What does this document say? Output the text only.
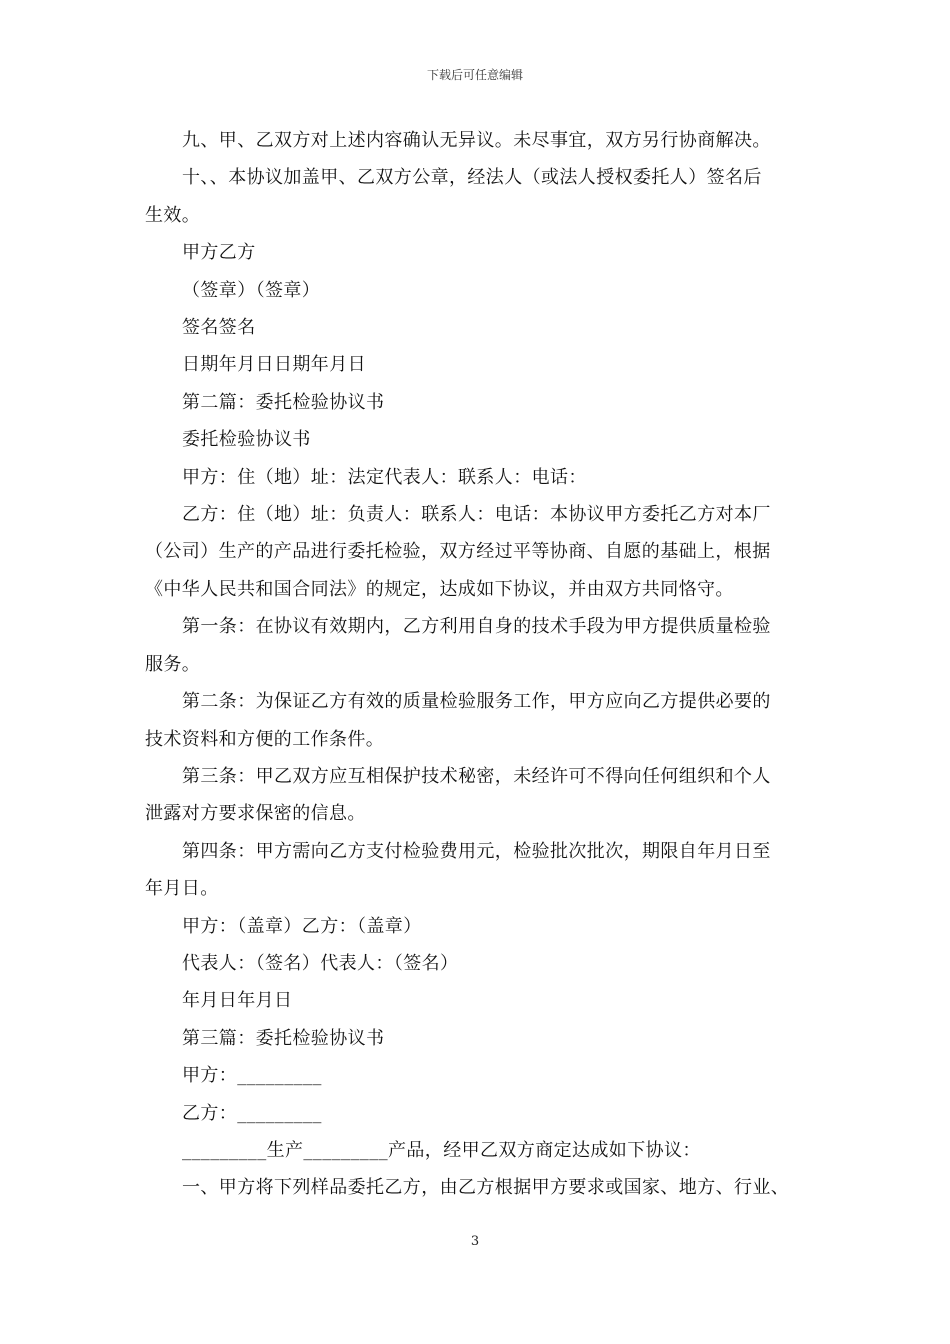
下载后可任意编辑

九、甲、乙双方对上述内容确认无异议。未尽事宜，双方另行协商解决。

十、、本协议加盖甲、乙双方公章，经法人（或法人授权委托人）签名后

生效。

甲方乙方

（签章）（签章）

签名签名

日期年月日日期年月日

第二篇：委托检验协议书

委托检验协议书

甲方：住（地）址：法定代表人：联系人：电话：

乙方：住（地）址：负责人：联系人：电话：本协议甲方委托乙方对本厂

（公司）生产的产品进行委托检验，双方经过平等协商、自愿的基础上，根据

《中华人民共和国合同法》的规定，达成如下协议，并由双方共同恪守。

第一条：在协议有效期内，乙方利用自身的技术手段为甲方提供质量检验

服务。

第二条：为保证乙方有效的质量检验服务工作，甲方应向乙方提供必要的

技术资料和方便的工作条件。

第三条：甲乙双方应互相保护技术秘密，未经许可不得向任何组织和个人

泄露对方要求保密的信息。

第四条：甲方需向乙方支付检验费用元，检验批次批次，期限自年月日至

年月日。

甲方：（盖章）乙方：（盖章）

代表人：（签名）代表人：（签名）

年月日年月日

第三篇：委托检验协议书

甲方：_________

乙方：_________

_________生产_________产品，经甲乙双方商定达成如下协议：

一、甲方将下列样品委托乙方，由乙方根据甲方要求或国家、地方、行业、

3
